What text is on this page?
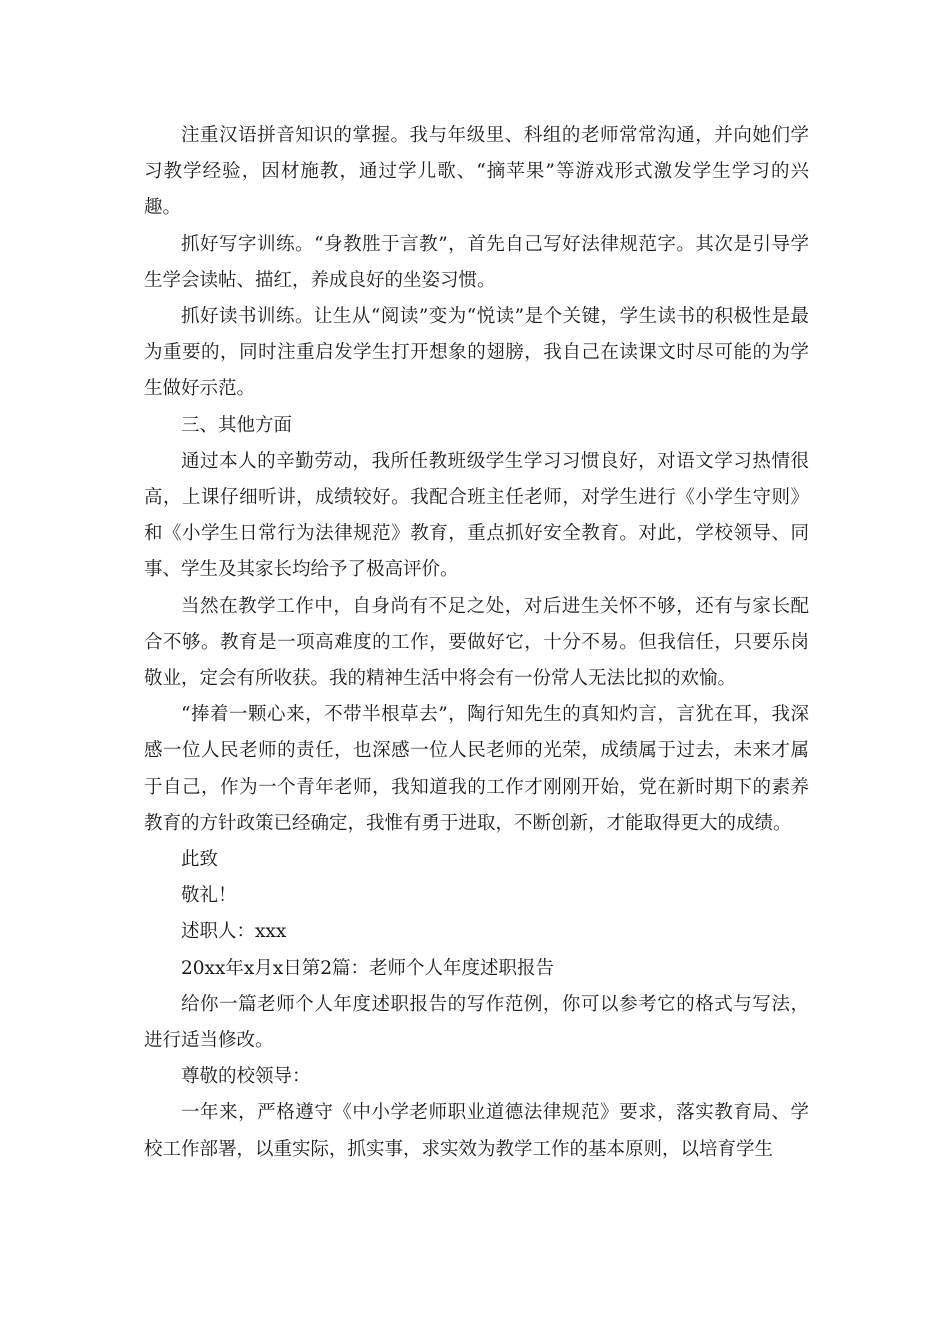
注重汉语拼音知识的掌握。我与年级里、科组的老师常常沟通，并向她们学习教学经验，因材施教，通过学儿歌、“摘苹果”等游戏形式激发学生学习的兴趣。

抓好写字训练。“身教胜于言教”，首先自己写好法律规范字。其次是引导学生学会读帖、描红，养成良好的坐姿习惯。

抓好读书训练。让生从“阅读”变为“悦读”是个关键，学生读书的积极性是最为重要的，同时注重启发学生打开想象的翅膀，我自己在读课文时尽可能的为学生做好示范。

三、其他方面

通过本人的辛勤劳动，我所任教班级学生学习习惯良好，对语文学习热情很高，上课仔细听讲，成绩较好。我配合班主任老师，对学生进行《小学生守则》和《小学生日常行为法律规范》教育，重点抓好安全教育。对此，学校领导、同事、学生及其家长均给予了极高评价。

当然在教学工作中，自身尚有不足之处，对后进生关怀不够，还有与家长配合不够。教育是一项高难度的工作，要做好它，十分不易。但我信任，只要乐岗敬业，定会有所收获。我的精神生活中将会有一份常人无法比拟的欢愉。

“捧着一颗心来，不带半根草去”，陶行知先生的真知灼言，言犹在耳，我深感一位人民老师的责任，也深感一位人民老师的光荣，成绩属于过去，未来才属于自己，作为一个青年老师，我知道我的工作才刚刚开始，党在新时期下的素养教育的方针政策已经确定，我惟有勇于进取，不断创新，才能取得更大的成绩。

此致

敬礼！

述职人：xxx

20xx年x月x日第2篇：老师个人年度述职报告

给你一篇老师个人年度述职报告的写作范例，你可以参考它的格式与写法，进行适当修改。

尊敬的校领导：

一年来，严格遵守《中小学老师职业道德法律规范》要求，落实教育局、学校工作部署，以重实际，抓实事，求实效为教学工作的基本原则，以培育学生
